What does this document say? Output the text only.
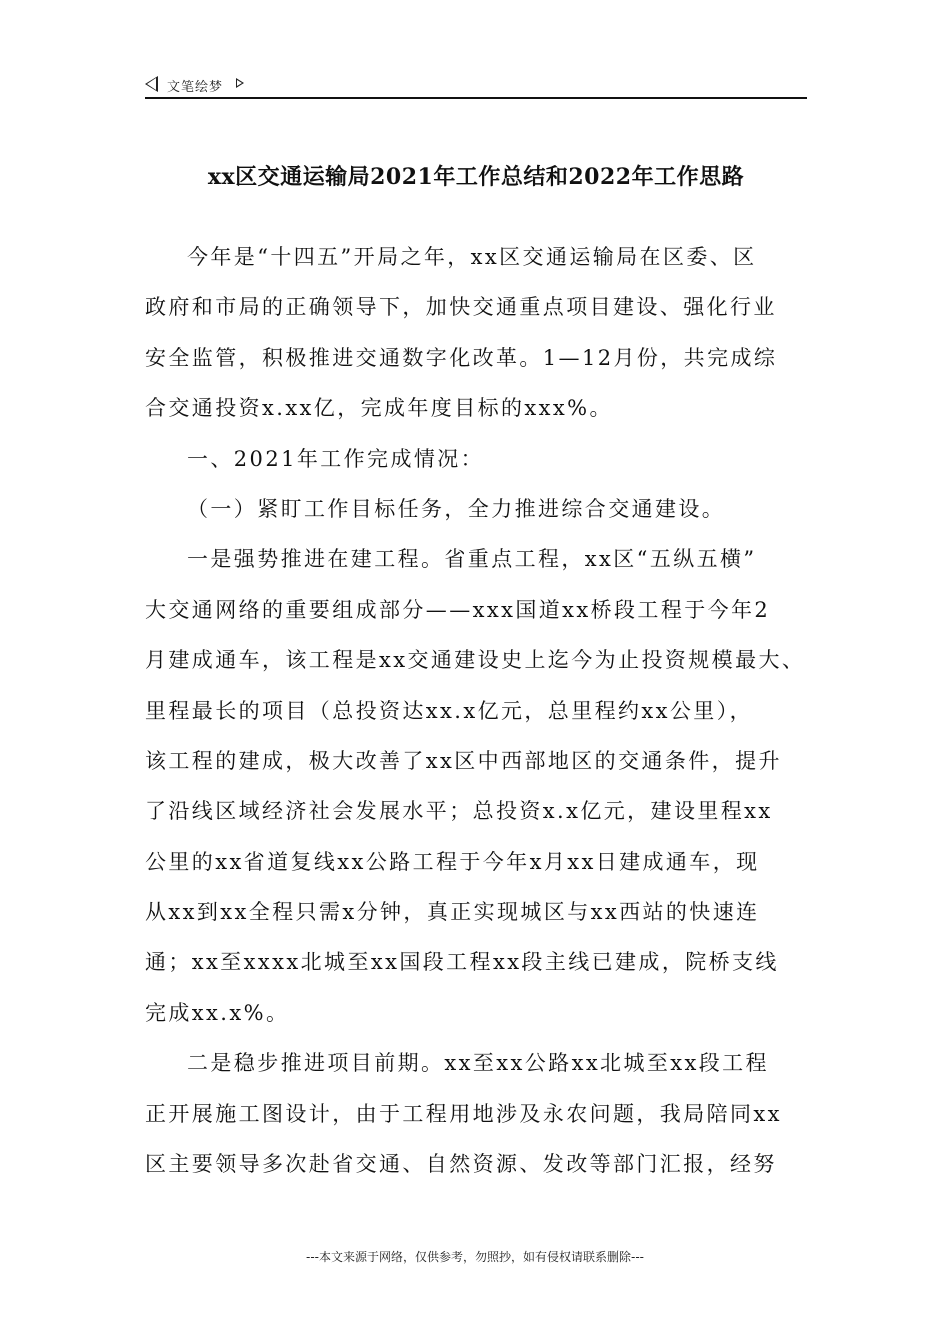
文笔绘梦
xx区交通运输局2021年工作总结和2022年工作思路
今年是“十四五”开局之年，xx区交通运输局在区委、区
政府和市局的正确领导下，加快交通重点项目建设、强化行业
安全监管，积极推进交通数字化改革。1—12月份，共完成综
合交通投资x.xx亿，完成年度目标的xxx%。
一、2021年工作完成情况：
（一）紧盯工作目标任务，全力推进综合交通建设。
一是强势推进在建工程。省重点工程，xx区“五纵五横”
大交通网络的重要组成部分——xxx国道xx桥段工程于今年2
月建成通车，该工程是xx交通建设史上迄今为止投资规模最大、
里程最长的项目（总投资达xx.x亿元，总里程约xx公里），
该工程的建成，极大改善了xx区中西部地区的交通条件，提升
了沿线区域经济社会发展水平；总投资x.x亿元，建设里程xx
公里的xx省道复线xx公路工程于今年x月xx日建成通车，现
从xx到xx全程只需x分钟，真正实现城区与xx西站的快速连
通；xx至xxxx北城至xx国段工程xx段主线已建成，院桥支线
完成xx.x%。
二是稳步推进项目前期。xx至xx公路xx北城至xx段工程
正开展施工图设计，由于工程用地涉及永农问题，我局陪同xx
区主要领导多次赴省交通、自然资源、发改等部门汇报，经努
---本文来源于网络，仅供参考，勿照抄，如有侵权请联系删除---
